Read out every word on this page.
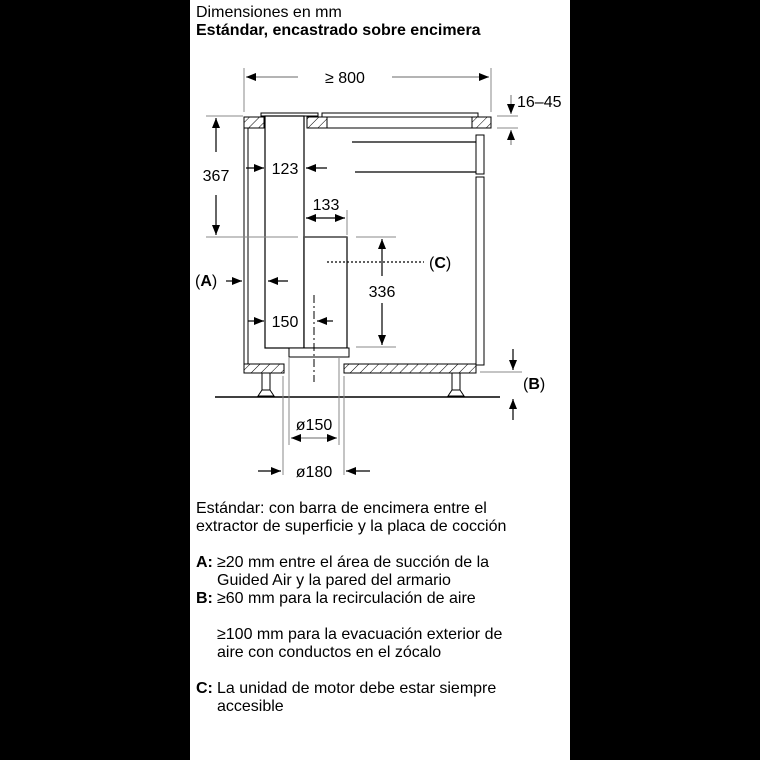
Dimensiones en mm
Estándar, encastrado sobre encimera
≥ 800
16–45
367	123
133
336
(C)
(A)
150
(B)
ø150
ø180

Estándar: con barra de encimera entre el

extractor de superficie y la placa de cocción

A: ≥20 mm entre el área de succión de la
Guided Air y la pared del armario
B: ≥60 mm para la recirculación de aire
≥100 mm para la evacuación exterior de
aire con conductos en el zócalo
C: La unidad de motor debe estar siempre
accesible
